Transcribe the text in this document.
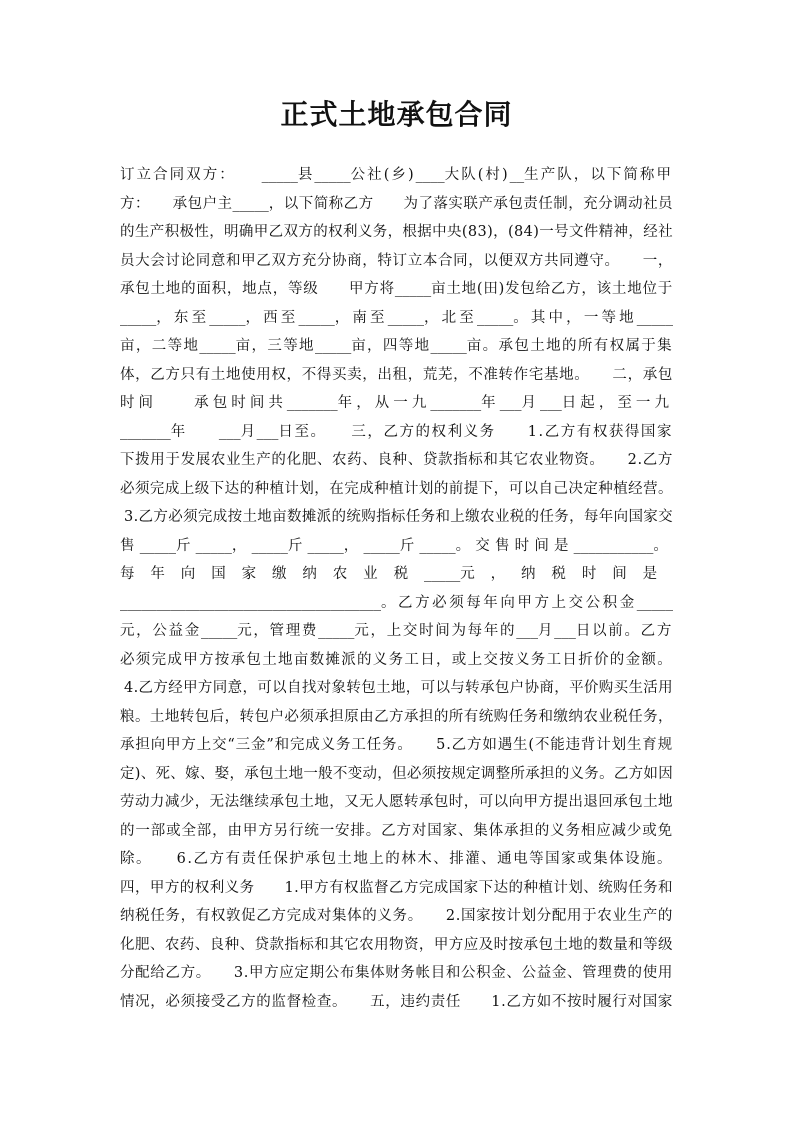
正式土地承包合同
订立合同双方：　　_____县_____公社(乡)____大队(村)__生产队，以下简称甲
方：　　承包户主_____，以下简称乙方　　为了落实联产承包责任制，充分调动社员
的生产积极性，明确甲乙双方的权利义务，根据中央(83)，(84)一号文件精神，经社
员大会讨论同意和甲乙双方充分协商，特订立本合同，以便双方共同遵守。　　一，
承包土地的面积，地点，等级　　甲方将_____亩土地(田)发包给乙方，该土地位于
_____，东至_____，西至_____，南至_____，北至_____。其中，一等地_____
亩，二等地_____亩，三等地_____亩，四等地_____亩。承包土地的所有权属于集
体，乙方只有土地使用权，不得买卖，出租，荒芜，不准转作宅基地。　　二，承包
时间　　承包时间共_______年，从一九_______年___月___日起，至一九
_______年　　___月___日至。　　三，乙方的权利义务　　1.乙方有权获得国家
下拨用于发展农业生产的化肥、农药、良种、贷款指标和其它农业物资。　　2.乙方
必须完成上级下达的种植计划，在完成种植计划的前提下，可以自己决定种植经营。
3.乙方必须完成按土地亩数摊派的统购指标任务和上缴农业税的任务，每年向国家交
售_____斤_____，_____斤_____，_____斤_____。交售时间是___________。
每年向国家缴纳农业税_____元，纳税时间是
____________________________________。乙方必须每年向甲方上交公积金_____
元，公益金_____元，管理费_____元，上交时间为每年的___月___日以前。乙方
必须完成甲方按承包土地亩数摊派的义务工日，或上交按义务工日折价的金额。
4.乙方经甲方同意，可以自找对象转包土地，可以与转承包户协商，平价购买生活用
粮。土地转包后，转包户必须承担原由乙方承担的所有统购任务和缴纳农业税任务，
承担向甲方上交“三金”和完成义务工任务。　　5.乙方如遇生(不能违背计划生育规
定)、死、嫁、娶，承包土地一般不变动，但必须按规定调整所承担的义务。乙方如因
劳动力减少，无法继续承包土地，又无人愿转承包时，可以向甲方提出退回承包土地
的一部或全部，由甲方另行统一安排。乙方对国家、集体承担的义务相应减少或免
除。　　6.乙方有责任保护承包土地上的林木、排灌、通电等国家或集体设施。
四，甲方的权利义务　　1.甲方有权监督乙方完成国家下达的种植计划、统购任务和
纳税任务，有权敦促乙方完成对集体的义务。　　2.国家按计划分配用于农业生产的
化肥、农药、良种、贷款指标和其它农用物资，甲方应及时按承包土地的数量和等级
分配给乙方。　　3.甲方应定期公布集体财务帐目和公积金、公益金、管理费的使用
情况，必须接受乙方的监督检查。　　五，违约责任　　1.乙方如不按时履行对国家
